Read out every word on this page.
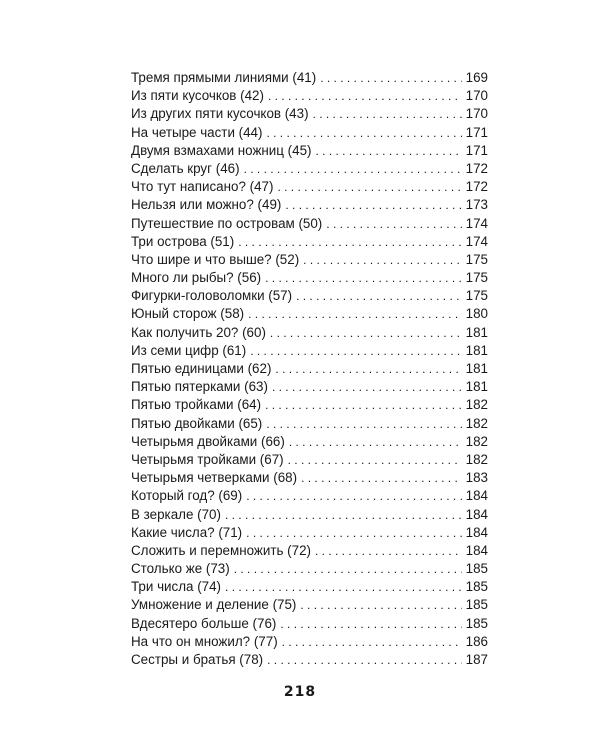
Тремя прямыми линиями (41) . . .	169
Из пяти кусочков (42) . . .	170
Из других пяти кусочков (43) . . .	170
На четыре части (44) . . .	171
Двумя взмахами ножниц (45) . . .	171
Сделать круг (46) . . .	172
Что тут написано? (47) . . .	172
Нельзя или можно? (49) . . .	173
Путешествие по островам (50) . . .	174
Три острова (51) . . .	174
Что шире и что выше? (52) . . .	175
Много ли рыбы? (56) . . .	175
Фигурки-головоломки (57) . . .	175
Юный сторож (58) . . .	180
Как получить 20? (60) . . .	181
Из семи цифр (61) . . .	181
Пятью единицами (62) . . .	181
Пятью пятерками (63) . . .	181
Пятью тройками (64) . . .	182
Пятью двойками (65) . . .	182
Четырьмя двойками (66) . . .	182
Четырьмя тройками (67) . . .	182
Четырьмя четверками (68) . . .	183
Который год? (69) . . .	184
В зеркале (70) . . .	184
Какие числа? (71) . . .	184
Сложить и перемножить (72) . . .	184
Столько же (73) . . .	185
Три числа (74) . . .	185
Умножение и деление (75) . . .	185
Вдесятеро больше (76) . . .	185
На что он множил? (77) . . .	186
Сестры и братья (78) . . .	187
218
